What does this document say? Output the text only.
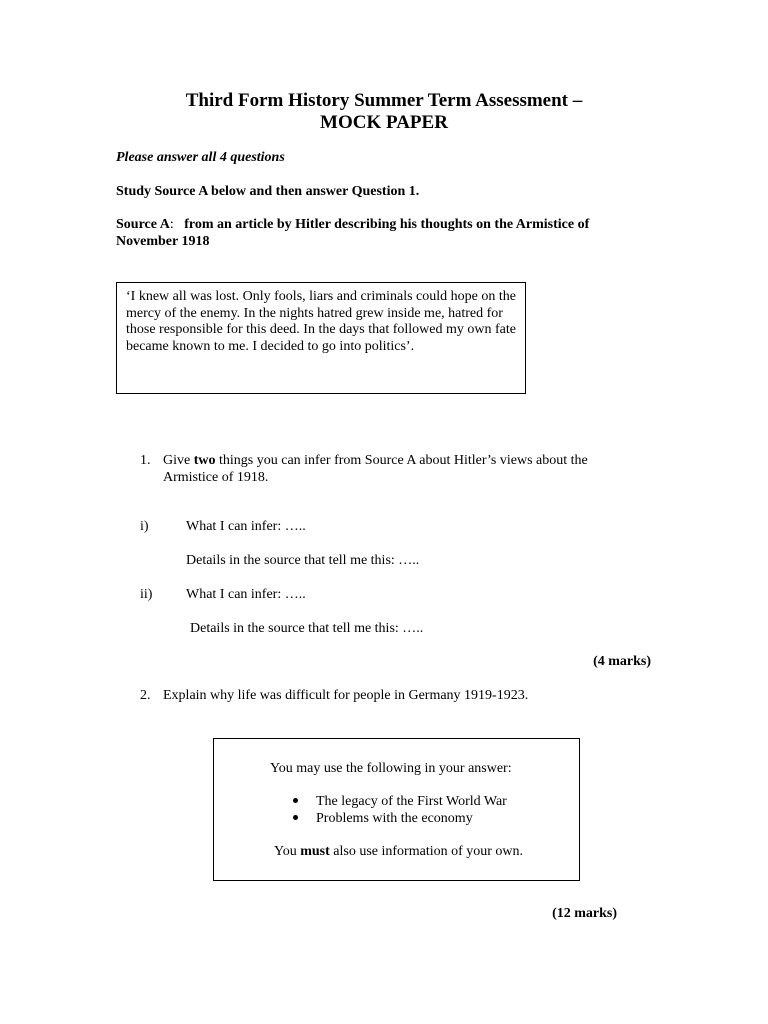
Third Form History Summer Term Assessment –
MOCK PAPER

Please answer all 4 questions

Study Source A below and then answer Question 1.

Source A: from an article by Hitler describing his thoughts on the Armistice of

November 1918

‘I knew all was lost. Only fools, liars and criminals could hope on the mercy of the enemy. In the nights hatred grew inside me, hatred for those responsible for this deed. In the days that followed my own fate became known to me. I decided to go into politics’.

1. Give two things you can infer from Source A about Hitler’s views about the

Armistice of 1918.

i)	What I can infer: …..

Details in the source that tell me this: …..

ii) What I can infer: …..

Details in the source that tell me this: …..

(4 marks)

2. Explain why life was difficult for people in Germany 1919-1923.

You may use the following in your answer:

The legacy of the First World War

Problems with the economy

You must also use information of your own.

(12 marks)
